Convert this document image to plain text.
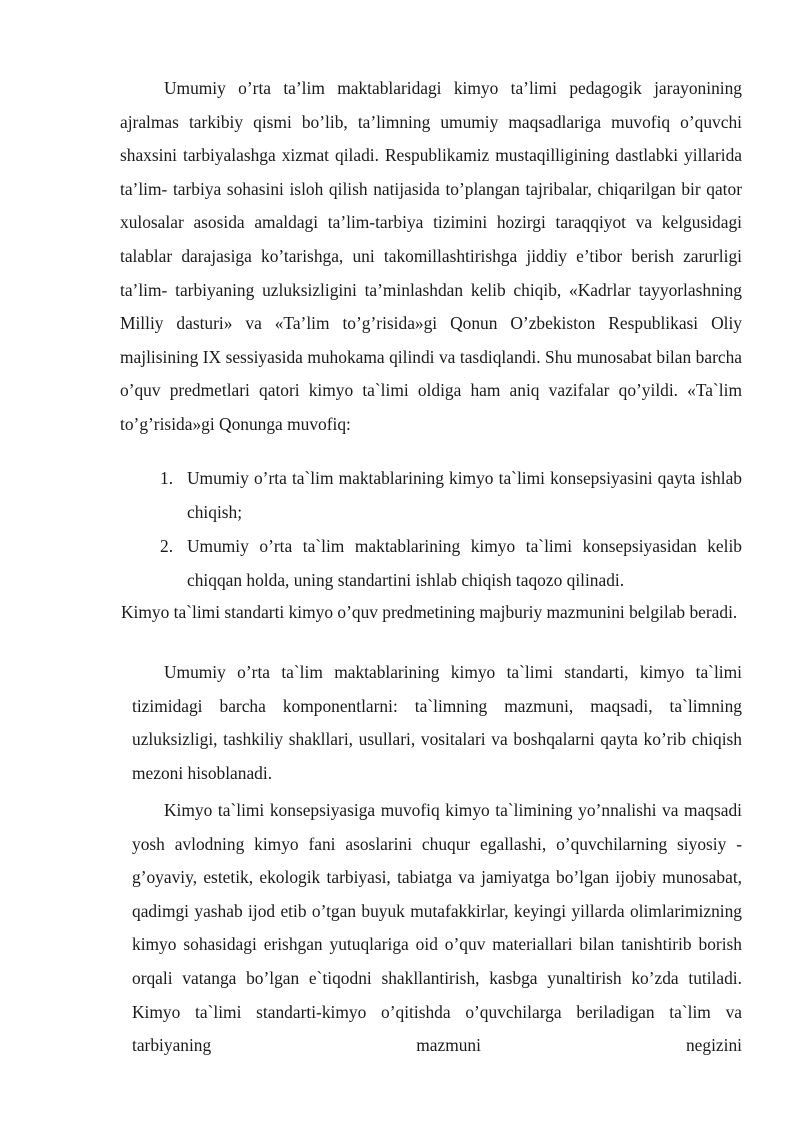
Umumiy o’rta ta’lim maktablaridagi kimyo ta’limi pedagogik jarayonining ajralmas tarkibiy qismi bo’lib, ta’limning umumiy maqsadlariga muvofiq o’quvchi shaxsini tarbiyalashga xizmat qiladi. Respublikamiz mustaqilligining dastlabki yillarida ta’lim- tarbiya sohasini isloh qilish natijasida to’plangan tajribalar, chiqarilgan bir qator xulosalar asosida amaldagi ta’lim-tarbiya tizimini hozirgi taraqqiyot va kelgusidagi talablar darajasiga ko’tarishga, uni takomillashtirishga jiddiy e’tibor berish zarurligi ta’lim- tarbiyaning uzluksizligini ta’minlashdan kelib chiqib, «Kadrlar tayyorlashning Milliy dasturi» va «Ta’lim to’g’risida»gi Qonun O’zbekiston Respublikasi Oliy majlisining IX sessiyasida muhokama qilindi va tasdiqlandi. Shu munosabat bilan barcha o’quv predmetlari qatori kimyo ta`limi oldiga ham aniq vazifalar qo’yildi. «Ta`lim to’g’risida»gi Qonunga muvofiq:

1. Umumiy o’rta ta`lim maktablarining kimyo ta`limi konsepsiyasini qayta ishlab chiqish;
2. Umumiy o’rta ta`lim maktablarining kimyo ta`limi konsepsiyasidan kelib chiqqan holda, uning standartini ishlab chiqish taqozo qilinadi.

Kimyo ta`limi standarti kimyo o’quv predmetining majburiy mazmunini belgilab beradi.

Umumiy o’rta ta`lim maktablarining kimyo ta`limi standarti, kimyo ta`limi tizimidagi barcha komponentlarni: ta`limning mazmuni, maqsadi, ta`limning uzluksizligi, tashkiliy shakllari, usullari, vositalari va boshqalarni qayta ko’rib chiqish mezoni hisoblanadi.

Kimyo ta`limi konsepsiyasiga muvofiq kimyo ta`limining yo’nnalishi va maqsadi yosh avlodning kimyo fani asoslarini chuqur egallashi, o’quvchilarning siyosiy - g’oyaviy, estetik, ekologik tarbiyasi, tabiatga va jamiyatga bo’lgan ijobiy munosabat, qadimgi yashab ijod etib o’tgan buyuk mutafakkirlar, keyingi yillarda olimlarimizning kimyo sohasidagi erishgan yutuqlariga oid o’quv materiallari bilan tanishtirib borish orqali vatanga bo’lgan e`tiqodni shakllantirish, kasbga yunaltirish ko’zda tutiladi. Kimyo ta`limi standarti-kimyo o’qitishda o’quvchilarga beriladigan ta`lim va tarbiyaning mazmuni negizini
